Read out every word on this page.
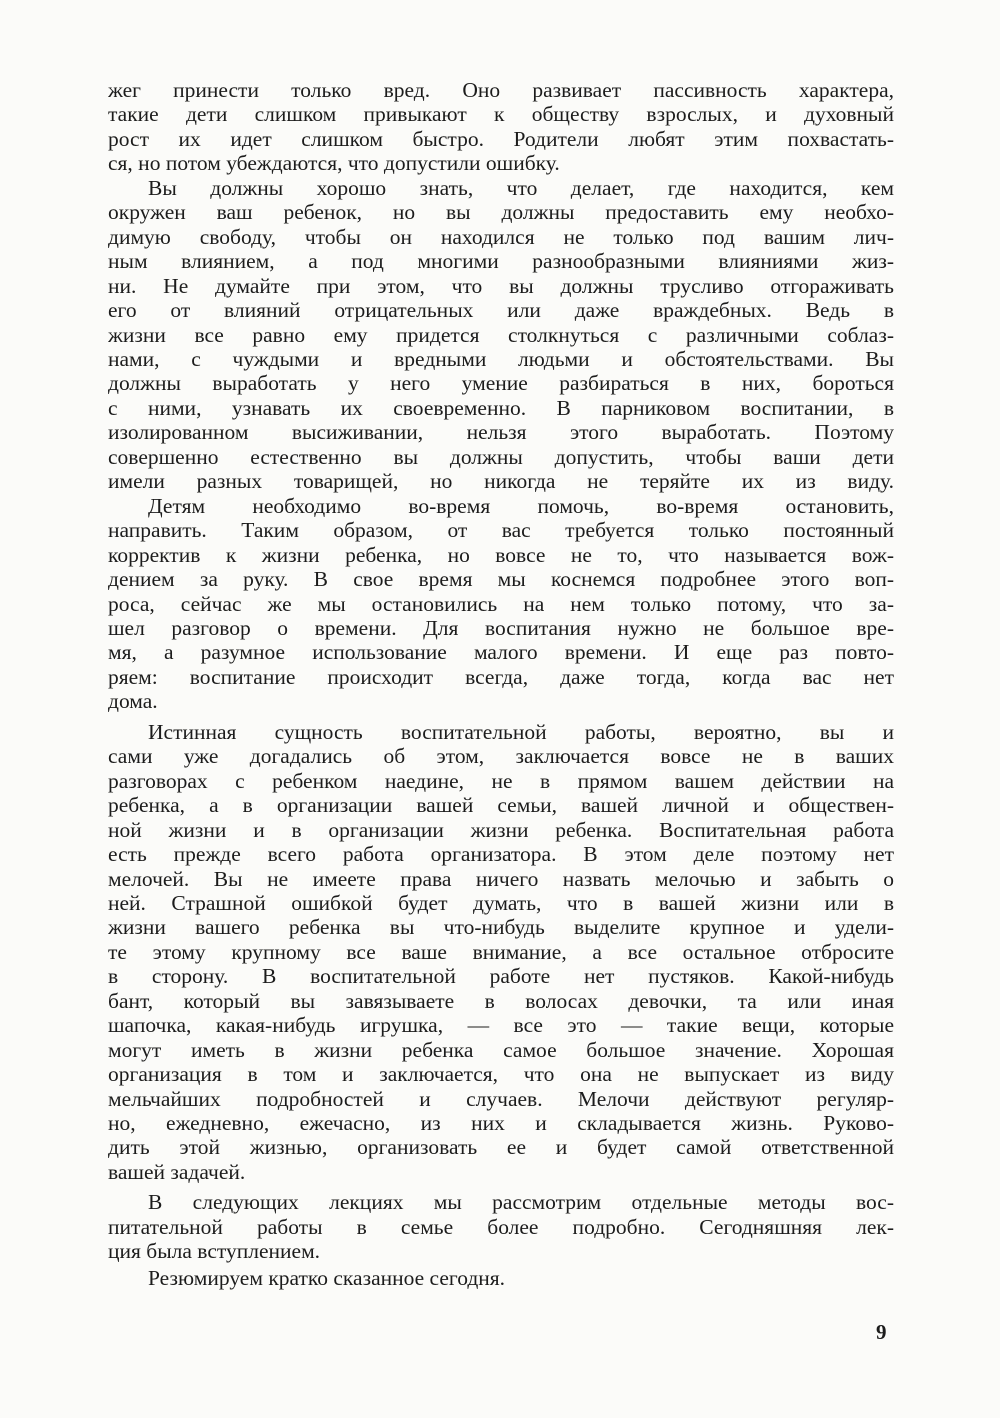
жег принести только вред. Оно развивает пассивность характера,
такие дети слишком привыкают к обществу взрослых, и духовный
рост их идет слишком быстро. Родители любят этим похвастать-
ся, но потом убеждаются, что допустили ошибку.
Вы должны хорошо знать, что делает, где находится, кем
окружен ваш ребенок, но вы должны предоставить ему необхо-
димую свободу, чтобы он находился не только под вашим лич-
ным влиянием, а под многими разнообразными влияниями жиз-
ни. Не думайте при этом, что вы должны трусливо отгораживать
его от влияний отрицательных или даже враждебных. Ведь в
жизни все равно ему придется столкнуться с различными соблаз-
нами, с чуждыми и вредными людьми и обстоятельствами. Вы
должны выработать у него умение разбираться в них, бороться
с ними, узнавать их своевременно. В парниковом воспитании, в
изолированном высиживании, нельзя этого выработать. Поэтому
совершенно естественно вы должны допустить, чтобы ваши дети
имели разных товарищей, но никогда не теряйте их из виду.
Детям необходимо во-время помочь, во-время остановить,
направить. Таким образом, от вас требуется только постоянный
корректив к жизни ребенка, но вовсе не то, что называется вож-
дением за руку. В свое время мы коснемся подробнее этого воп-
роса, сейчас же мы остановились на нем только потому, что за-
шел разговор о времени. Для воспитания нужно не большое вре-
мя, а разумное использование малого времени. И еще раз повто-
ряем: воспитание происходит всегда, даже тогда, когда вас нет
дома.
Истинная сущность воспитательной работы, вероятно, вы и
сами уже догадались об этом, заключается вовсе не в ваших
разговорах с ребенком наедине, не в прямом вашем действии на
ребенка, а в организации вашей семьи, вашей личной и обществен-
ной жизни и в организации жизни ребенка. Воспитательная работа
есть прежде всего работа организатора. В этом деле поэтому нет
мелочей. Вы не имеете права ничего назвать мелочью и забыть о
ней. Страшной ошибкой будет думать, что в вашей жизни или в
жизни вашего ребенка вы что-нибудь выделите крупное и удели-
те этому крупному все ваше внимание, а все остальное отбросите
в сторону. В воспитательной работе нет пустяков. Какой-нибудь
бант, который вы завязываете в волосах девочки, та или иная
шапочка, какая-нибудь игрушка, — все это — такие вещи, которые
могут иметь в жизни ребенка самое большое значение. Хорошая
организация в том и заключается, что она не выпускает из виду
мельчайших подробностей и случаев. Мелочи действуют регуляр-
но, ежедневно, ежечасно, из них и складывается жизнь. Руково-
дить этой жизнью, организовать ее и будет самой ответственной
вашей задачей.
В следующих лекциях мы рассмотрим отдельные методы вос-
питательной работы в семье более подробно. Сегодняшняя лек-
ция была вступлением.
Резюмируем кратко сказанное сегодня.
9
